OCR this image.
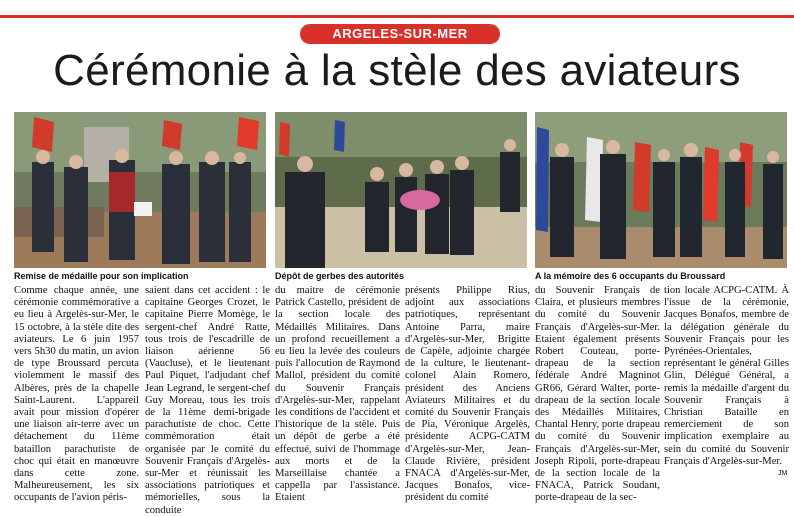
ARGELES-SUR-MER
Cérémonie à la stèle des aviateurs
Remise de médaille pour son implication	Dépôt de gerbes des autorités	A la mémoire des 6 occupants du Broussard

Comme chaque année, une cérémonie commémorative a eu lieu à Argelès-sur-Mer, le 15 octobre, à la stèle dite des aviateurs. Le 6 juin 1957 vers 5h30 du matin, un avion de type Broussard percuta violemment le massif des Albères, près de la chapelle Saint-Laurent. L'appareil avait pour mission d'opérer une liaison air-terre avec un détachement du 11ème bataillon parachutiste de choc qui était en manœuvre dans cette zone. Malheureusement, les six occupants de l'avion péris-

saient dans cet accident : le capitaine Georges Crozet, le capitaine Pierre Momège, le sergent-chef André Ratte, tous trois de l'escadrille de liaison aérienne 56 (Vaucluse), et le lieutenant Paul Piquet, l'adjudant chef Jean Legrand, le sergent-chef Guy Moreau, tous les trois de la 11ème demi-brigade parachutiste de choc. Cette commémoration était organisée par le comité du Souvenir Français d'Argelès-sur-Mer et réunissait les associations patriotiques et mémorielles, sous la conduite

du maitre de cérémonie Patrick Castello, président de la section locale des Médaillés Militaires. Dans un profond recueillement a eu lieu la levée des couleurs puis l'allocution de Raymond Mallol, président du comité du Souvenir Français d'Argelès-sur-Mer, rappelant les conditions de l'accident et l'historique de la stèle. Puis un dépôt de gerbe a été effectué, suivi de l'hommage aux morts et de la Marseillaise chantée a cappella par l'assistance. Etaient

présents Philippe Rius, adjoint aux associations patriotiques, représentant Antoine Parra, maire d'Argelès-sur-Mer, Brigitte de Capèle, adjointe chargée de la culture, le lieutenant-colonel Alain Romero, président des Anciens Aviateurs Militaires et du comité du Souvenir Français de Pia, Véronique Argelès, présidente ACPG-CATM d'Argelès-sur-Mer, Jean-Claude Rivière, président FNACA d'Argelès-sur-Mer, Jacques Bonafos, vice-président du comité

du Souvenir Français de Claira, et plusieurs membres du comité du Souvenir Français d'Argelès-sur-Mer. Etaient également présents Robert Couteau, porte-drapeau de la section fédérale André Magninot GR66, Gérard Walter, porte-drapeau de la section locale des Médaillés Militaires, Chantal Henry, porte drapeau du comité du Souvenir Français d'Argelès-sur-Mer, Joseph Ripoli, porte-drapeau de la section locale de la FNACA, Patrick Soudant, porte-drapeau de la sec-

tion locale ACPG-CATM. À l'issue de la cérémonie, Jacques Bonafos, membre de la délégation générale du Souvenir Français pour les Pyrénées-Orientales, représentant le général Gilles Glin, Délégué Général, a remis la médaille d'argent du Souvenir Français à Christian Bataille en remerciement de son implication exemplaire au sein du comité du Souvenir Français d'Argelès-sur-Mer.

JM
